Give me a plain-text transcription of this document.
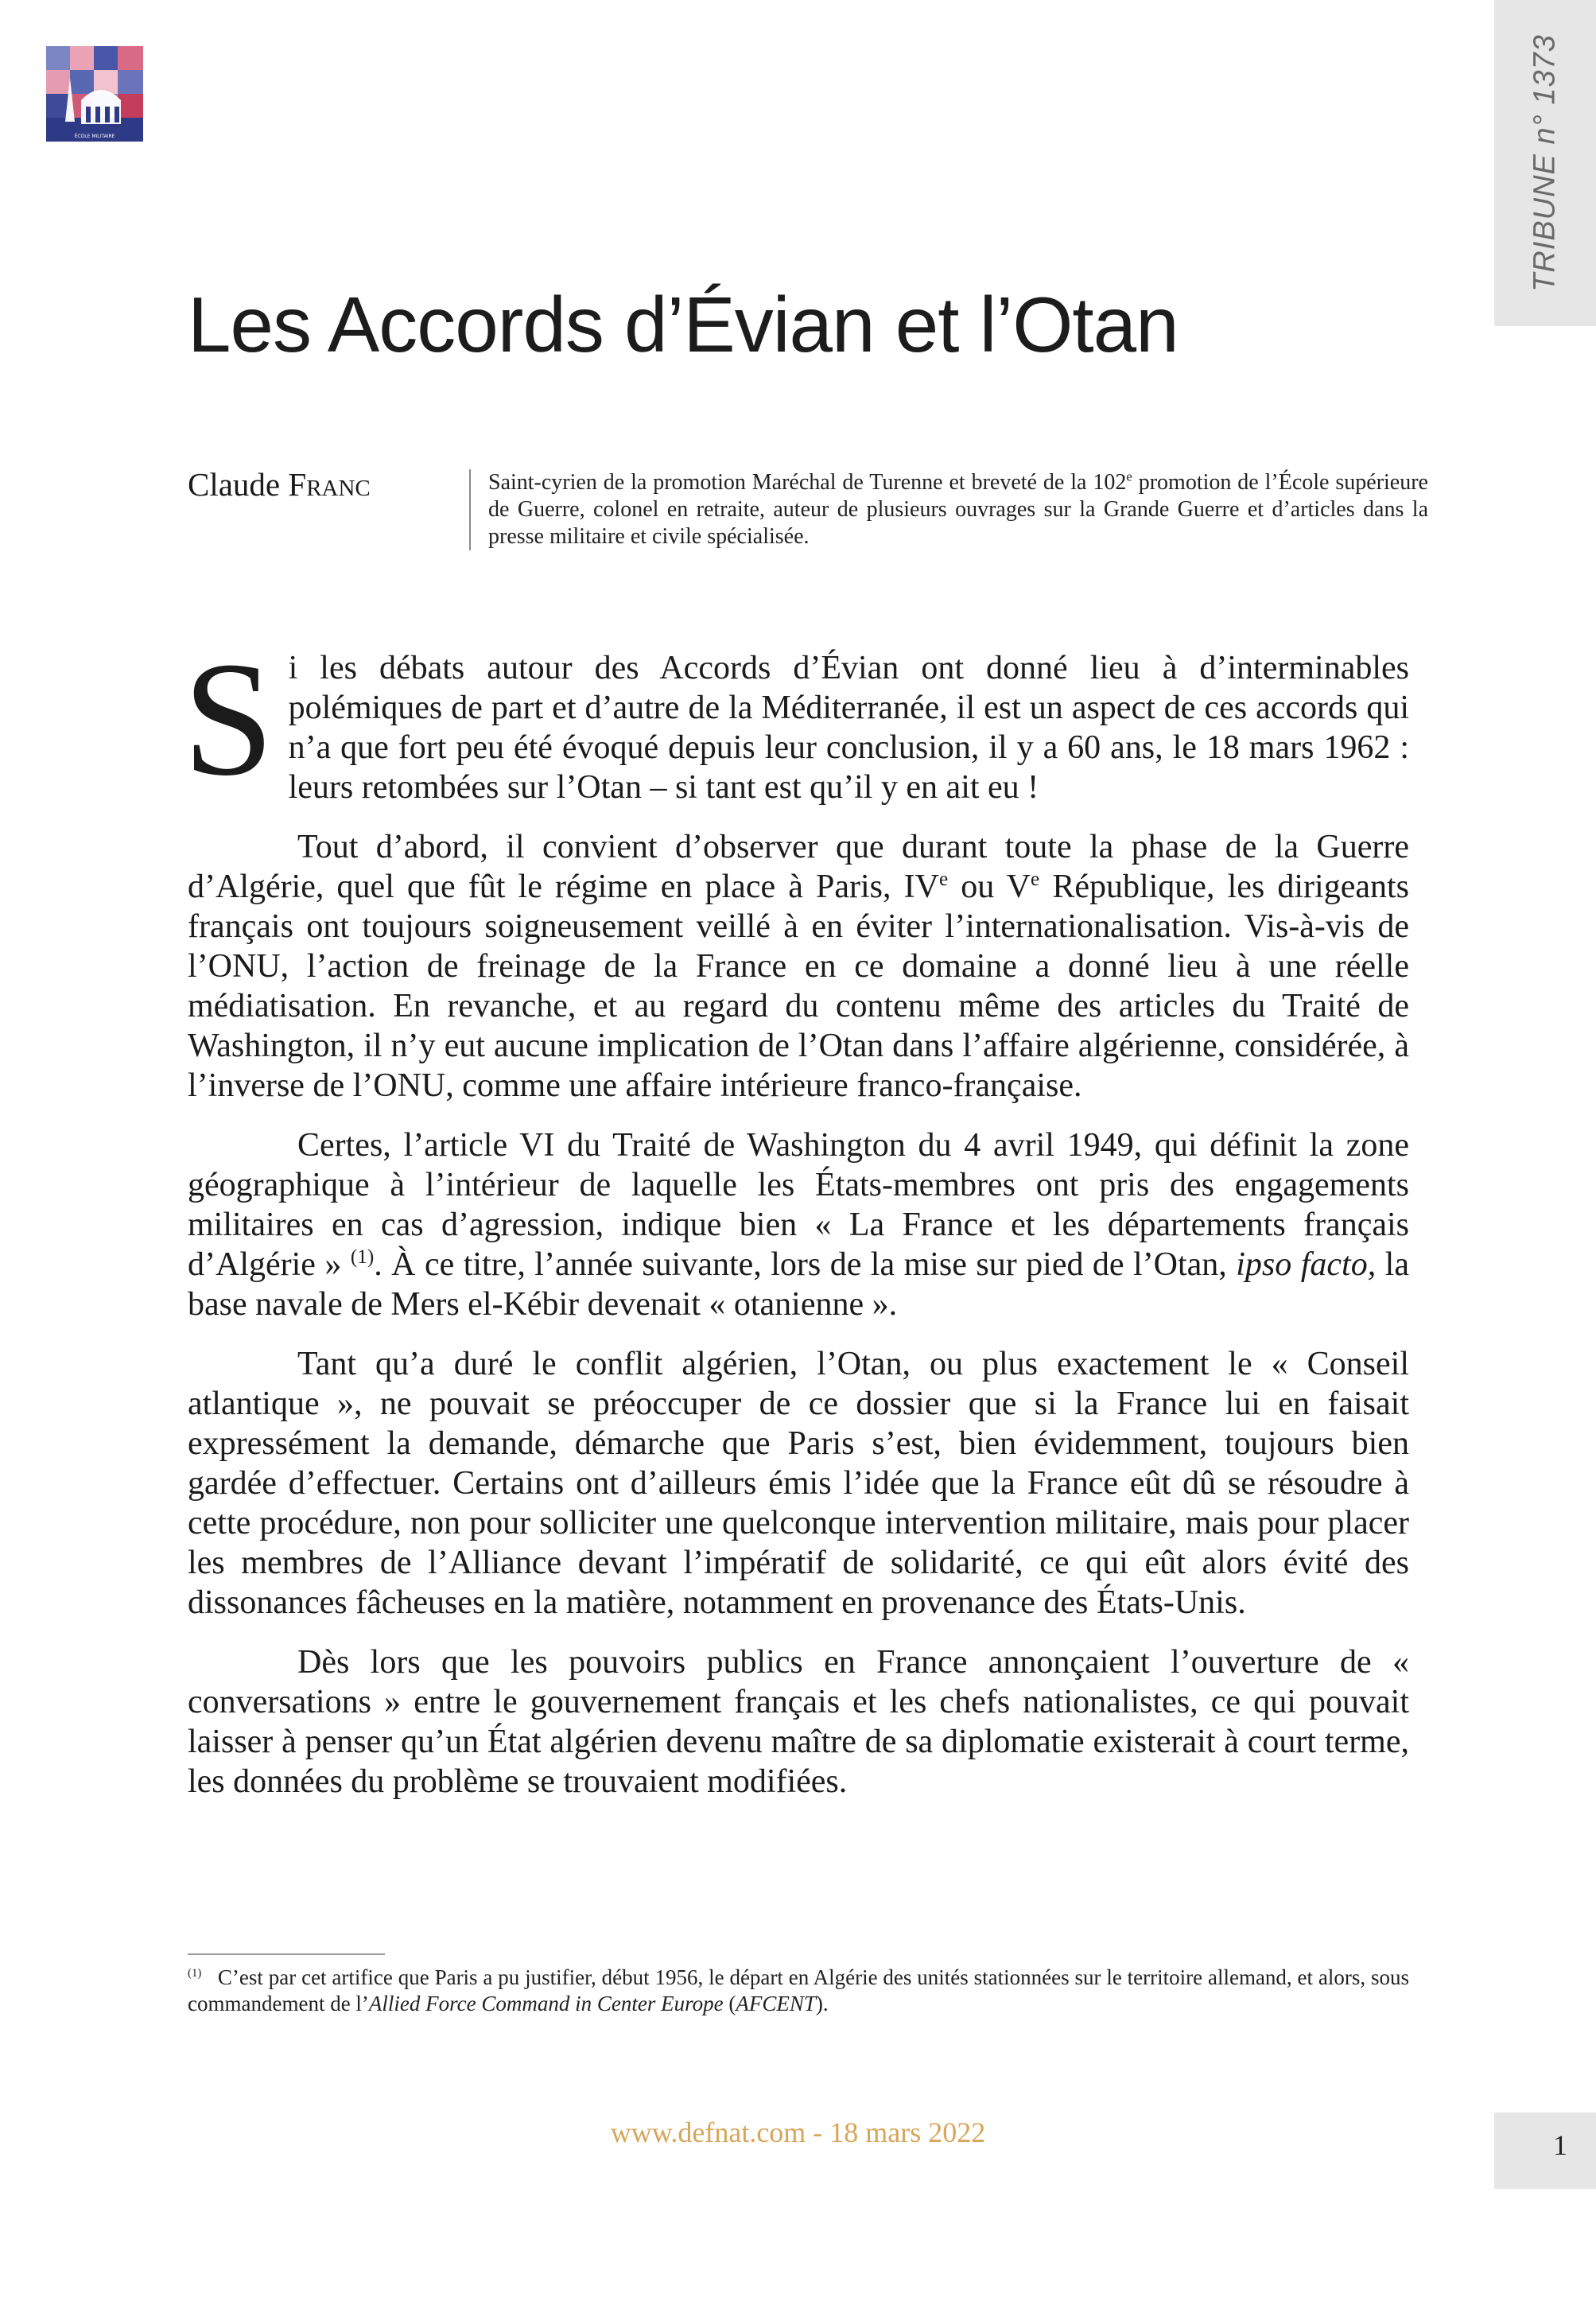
ÉCOLE MILITAIRE	TRIBUNE n° 1373
Les Accords d’Évian et l’Otan
Claude Franc	Saint-cyrien de la promotion Maréchal de Turenne et breveté de la 102e promotion de l’École supérieure de Guerre, colonel en retraite, auteur de plusieurs ouvrages sur la Grande Guerre et d’articles dans la presse militaire et civile spécialisée.

Si les débats autour des Accords d’Évian ont donné lieu à d’interminables polémiques de part et d’autre de la Méditerranée, il est un aspect de ces accords qui n’a que fort peu été évoqué depuis leur conclusion, il y a 60 ans, le 18 mars 1962 : leurs retombées sur l’Otan – si tant est qu’il y en ait eu !

Tout d’abord, il convient d’observer que durant toute la phase de la Guerre d’Algérie, quel que fût le régime en place à Paris, IVe ou Ve République, les dirigeants français ont toujours soigneusement veillé à en éviter l’internationalisation. Vis-à-vis de l’ONU, l’action de freinage de la France en ce domaine a donné lieu à une réelle médiatisation. En revanche, et au regard du contenu même des articles du Traité de Washington, il n’y eut aucune implication de l’Otan dans l’affaire algérienne, considérée, à l’inverse de l’ONU, comme une affaire intérieure franco-française.

Certes, l’article VI du Traité de Washington du 4 avril 1949, qui définit la zone géographique à l’intérieur de laquelle les États-membres ont pris des engagements militaires en cas d’agression, indique bien « La France et les départements français d’Algérie » $^{(1)}$. À ce titre, l’année suivante, lors de la mise sur pied de l’Otan, ipso facto, la base navale de Mers el-Kébir devenait « otanienne ».

Tant qu’a duré le conflit algérien, l’Otan, ou plus exactement le « Conseil atlantique », ne pouvait se préoccuper de ce dossier que si la France lui en faisait expressément la demande, démarche que Paris s’est, bien évidemment, toujours bien gardée d’effectuer. Certains ont d’ailleurs émis l’idée que la France eût dû se résoudre à cette procédure, non pour solliciter une quelconque intervention militaire, mais pour placer les membres de l’Alliance devant l’impératif de solidarité, ce qui eût alors évité des dissonances fâcheuses en la matière, notamment en provenance des États-Unis.

Dès lors que les pouvoirs publics en France annonçaient l’ouverture de « conversations » entre le gouvernement français et les chefs nationalistes, ce qui pouvait laisser à penser qu’un État algérien devenu maître de sa diplomatie existerait à court terme, les données du problème se trouvaient modifiées.

$^{(1)}$ C’est par cet artifice que Paris a pu justifier, début 1956, le départ en Algérie des unités stationnées sur le territoire allemand, et alors, sous commandement de l’Allied Force Command in Center Europe (AFCENT).
www.defnat.com - 18 mars 2022	1
